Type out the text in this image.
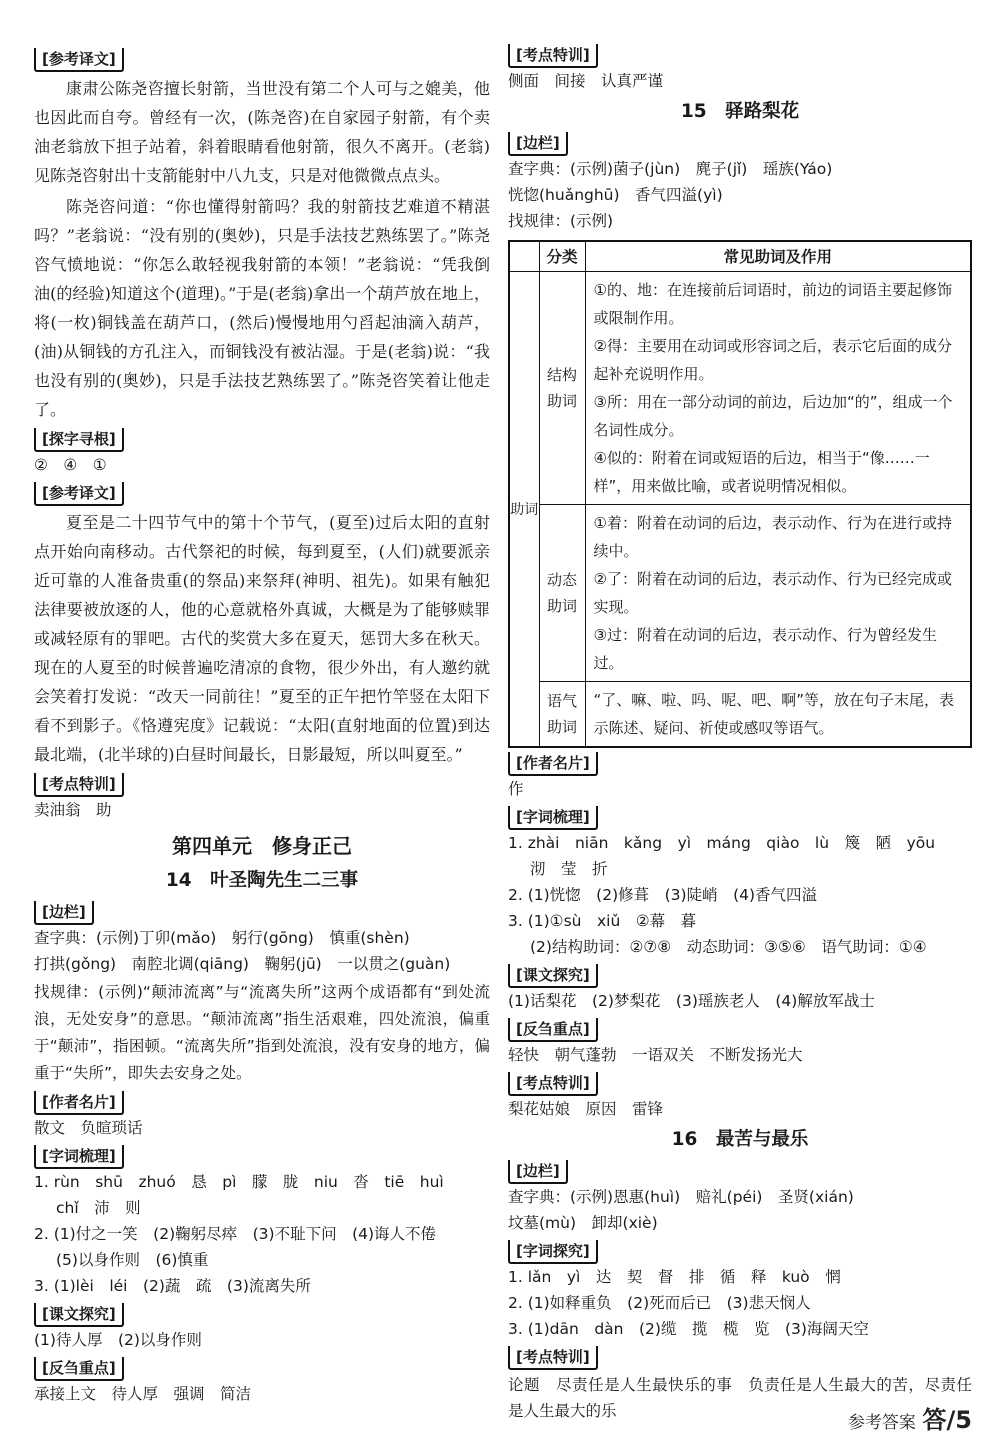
[参考译文]

康肃公陈尧咨擅长射箭，当世没有第二个人可与之媲美，他也因此而自夸。曾经有一次，(陈尧咨)在自家园子射箭，有个卖油老翁放下担子站着，斜着眼睛看他射箭，很久不离开。(老翁)见陈尧咨射出十支箭能射中八九支，只是对他微微点点头。

陈尧咨问道：“你也懂得射箭吗？我的射箭技艺难道不精湛吗？”老翁说：“没有别的(奥妙)，只是手法技艺熟练罢了。”陈尧咨气愤地说：“你怎么敢轻视我射箭的本领！”老翁说：“凭我倒油(的经验)知道这个(道理)。”于是(老翁)拿出一个葫芦放在地上，将(一枚)铜钱盖在葫芦口，(然后)慢慢地用勺舀起油滴入葫芦，(油)从铜钱的方孔注入，而铜钱没有被沾湿。于是(老翁)说：“我也没有别的(奥妙)，只是手法技艺熟练罢了。”陈尧咨笑着让他走了。

[探字寻根]
②　④　①
[参考译文]

夏至是二十四节气中的第十个节气，(夏至)过后太阳的直射点开始向南移动。古代祭祀的时候，每到夏至，(人们)就要派亲近可靠的人准备贵重(的祭品)来祭拜(神明、祖先)。如果有触犯法律要被放逐的人，他的心意就格外真诚，大概是为了能够赎罪或减轻原有的罪吧。古代的奖赏大多在夏天，惩罚大多在秋天。现在的人夏至的时候普遍吃清凉的食物，很少外出，有人邀约就会笑着打发说：“改天一同前往！”夏至的正午把竹竿竖在太阳下看不到影子。《恪遵宪度》记载说：“太阳(直射地面的位置)到达最北端，(北半球的)白昼时间最长，日影最短，所以叫夏至。”

[考点特训]
卖油翁　助
第四单元　修身正己
14　叶圣陶先生二三事
[边栏]
查字典：(示例)丁卯(mǎo)　躬行(gōng)　慎重(shèn)
打拱(gǒng)　南腔北调(qiāng)　鞠躬(jū)　一以贯之(guàn)

找规律：(示例)“颠沛流离”与“流离失所”这两个成语都有“到处流浪，无处安身”的意思。“颠沛流离”指生活艰难，四处流浪，偏重于“颠沛”，指困顿。“流离失所”指到处流浪，没有安身的地方，偏重于“失所”，即失去安身之处。

[作者名片]
散文　负暄琐话
[字词梳理]
1. rùn　shū　zhuó　恳　pì　朦　胧　niu　沓　tiē　huì
chǐ　沛　则
2. (1)付之一笑　(2)鞠躬尽瘁　(3)不耻下问　(4)诲人不倦
(5)以身作则　(6)慎重
3. (1)lèi　léi　(2)蔬　疏　(3)流离失所
[课文探究]
(1)待人厚　(2)以身作则
[反刍重点]
承接上文　待人厚　强调　简洁
[考点特训]
侧面　间接　认真严谨
15　驿路梨花
[边栏]
查字典：(示例)菌子(jùn)　麂子(jǐ)　瑶族(Yáo)
恍惚(huǎnghū)　香气四溢(yì)
找规律：(示例)
	分类	常见助词及作用
助词	结构助词	①的、地：在连接前后词语时，前边的词语主要起修饰或限制作用。

②得：主要用在动词或形容词之后，表示它后面的成分起补充说明作用。

③所：用在一部分动词的前边，后边加“的”，组成一个名词性成分。

④似的：附着在词或短语的后边，相当于“像……一样”，用来做比喻，或者说明情况相似。

	动态助词	①着：附着在动词的后边，表示动作、行为在进行或持续中。

②了：附着在动词的后边，表示动作、行为已经完成或实现。

③过：附着在动词的后边，表示动作、行为曾经发生过。

	语气助词	“了、嘛、啦、吗、呢、吧、啊”等，放在句子末尾，表示陈述、疑问、祈使或感叹等语气。

[作者名片]
作
[字词梳理]
1. zhài　niān　kǎng　yì　máng　qiào　lù　篾　陋　yōu
沏　莹　折
2. (1)恍惚　(2)修葺　(3)陡峭　(4)香气四溢
3. (1)①sù　xiǔ　②幕　暮
(2)结构助词：②⑦⑧　动态助词：③⑤⑥　语气助词：①④
[课文探究]
(1)话梨花　(2)梦梨花　(3)瑶族老人　(4)解放军战士
[反刍重点]
轻快　朝气蓬勃　一语双关　不断发扬光大
[考点特训]
梨花姑娘　原因　雷锋
16　最苦与最乐
[边栏]
查字典：(示例)恩惠(huì)　赔礼(péi)　圣贤(xián)
坟墓(mù)　卸却(xiè)
[字词探究]
1. lǎn　yì　达　契　督　排　循　释　kuò　惘
2. (1)如释重负　(2)死而后已　(3)悲天悯人
3. (1)dān　dàn　(2)缆　揽　榄　览　(3)海阔天空
[考点特训]

论题　尽责任是人生最快乐的事　负责任是人生最大的苦，尽责任是人生最大的乐

参考答案 答/5
